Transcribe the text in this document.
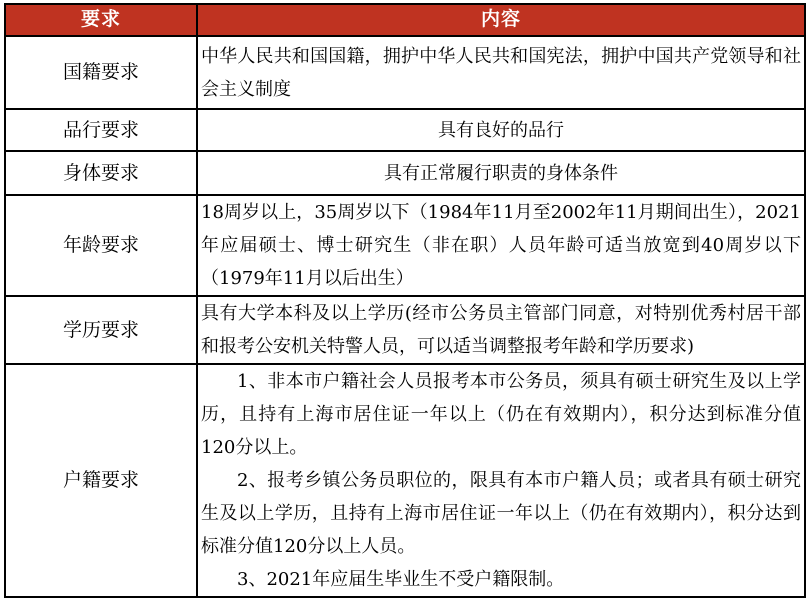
要求	内容
国籍要求	中华人民共和国国籍，拥护中华人民共和国宪法，拥护中国共产党领导和社会主义制度
品行要求	具有良好的品行
身体要求	具有正常履行职责的身体条件
年龄要求	18周岁以上，35周岁以下（1984年11月至2002年11月期间出生），2021年应届硕士、博士研究生（非在职）人员年龄可适当放宽到40周岁以下（1979年11月以后出生）
学历要求	具有大学本科及以上学历(经市公务员主管部门同意，对特别优秀村居干部和报考公安机关特警人员，可以适当调整报考年龄和学历要求)
户籍要求	1、非本市户籍社会人员报考本市公务员，须具有硕士研究生及以上学历，且持有上海市居住证一年以上（仍在有效期内），积分达到标准分值120分以上。

2、报考乡镇公务员职位的，限具有本市户籍人员；或者具有硕士研究生及以上学历，且持有上海市居住证一年以上（仍在有效期内），积分达到标准分值120分以上人员。

3、2021年应届生毕业生不受户籍限制。
